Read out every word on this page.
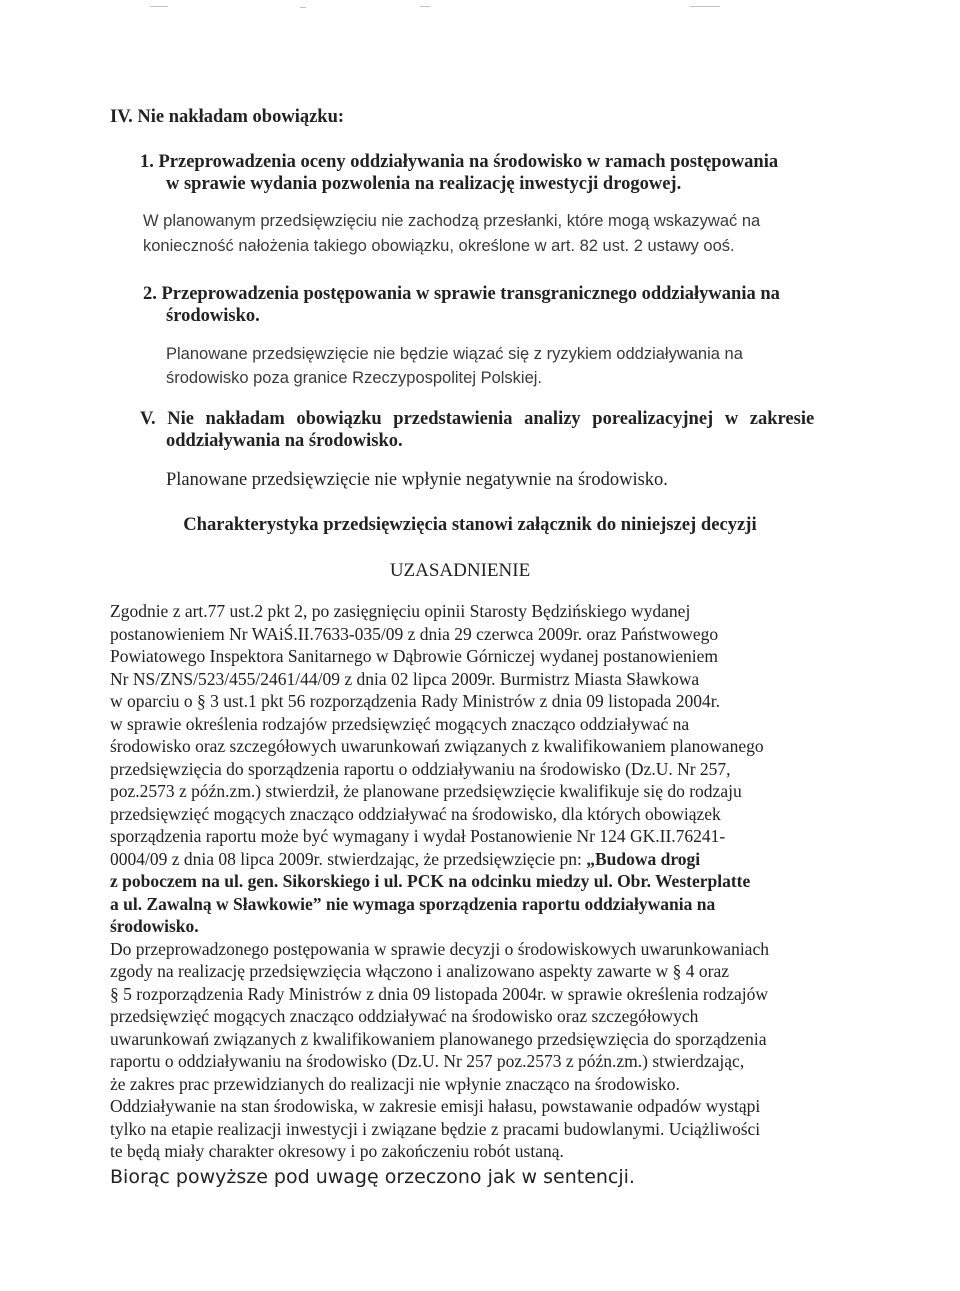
IV. Nie nakładam obowiązku:
1. Przeprowadzenia oceny oddziaływania na środowisko w ramach postępowania
w sprawie wydania pozwolenia na realizację inwestycji drogowej.
W planowanym przedsięwzięciu nie zachodzą przesłanki, które mogą wskazywać na
konieczność nałożenia takiego obowiązku, określone w art. 82 ust. 2 ustawy ooś.
2. Przeprowadzenia postępowania w sprawie transgranicznego oddziaływania na
środowisko.
Planowane przedsięwzięcie nie będzie wiązać się z ryzykiem oddziaływania na
środowisko poza granice Rzeczypospolitej Polskiej.
V. Nie nakładam obowiązku przedstawienia analizy porealizacyjnej w zakresie
oddziaływania na środowisko.
Planowane przedsięwzięcie nie wpłynie negatywnie na środowisko.
Charakterystyka przedsięwzięcia stanowi załącznik do niniejszej decyzji
UZASADNIENIE
Zgodnie z art.77 ust.2 pkt 2, po zasięgnięciu opinii Starosty Będzińskiego wydanej
postanowieniem Nr WAiŚ.II.7633-035/09 z dnia 29 czerwca 2009r. oraz Państwowego
Powiatowego Inspektora Sanitarnego w Dąbrowie Górniczej wydanej postanowieniem
Nr NS/ZNS/523/455/2461/44/09 z dnia 02 lipca 2009r. Burmistrz Miasta Sławkowa
w oparciu o § 3 ust.1 pkt 56 rozporządzenia Rady Ministrów z dnia 09 listopada 2004r.
w sprawie określenia rodzajów przedsięwzięć mogących znacząco oddziaływać na
środowisko oraz szczegółowych uwarunkowań związanych z kwalifikowaniem planowanego
przedsięwzięcia do sporządzenia raportu o oddziaływaniu na środowisko (Dz.U. Nr 257,
poz.2573 z późn.zm.) stwierdził, że planowane przedsięwzięcie kwalifikuje się do rodzaju
przedsięwzięć mogących znacząco oddziaływać na środowisko, dla których obowiązek
sporządzenia raportu może być wymagany i wydał Postanowienie Nr 124 GK.II.76241-
0004/09 z dnia 08 lipca 2009r. stwierdzając, że przedsięwzięcie pn: „Budowa drogi
z poboczem na ul. gen. Sikorskiego i ul. PCK na odcinku miedzy ul. Obr. Westerplatte
a ul. Zawalną w Sławkowie” nie wymaga sporządzenia raportu oddziaływania na
środowisko.
Do przeprowadzonego postępowania w sprawie decyzji o środowiskowych uwarunkowaniach
zgody na realizację przedsięwzięcia włączono i analizowano aspekty zawarte w § 4 oraz
§ 5 rozporządzenia Rady Ministrów z dnia 09 listopada 2004r. w sprawie określenia rodzajów
przedsięwzięć mogących znacząco oddziaływać na środowisko oraz szczegółowych
uwarunkowań związanych z kwalifikowaniem planowanego przedsięwzięcia do sporządzenia
raportu o oddziaływaniu na środowisko (Dz.U. Nr 257 poz.2573 z późn.zm.) stwierdzając,
że zakres prac przewidzianych do realizacji nie wpłynie znacząco na środowisko.
Oddziaływanie na stan środowiska, w zakresie emisji hałasu, powstawanie odpadów wystąpi
tylko na etapie realizacji inwestycji i związane będzie z pracami budowlanymi. Uciążliwości
te będą miały charakter okresowy i po zakończeniu robót ustaną.
Biorąc powyższe pod uwagę orzeczono jak w sentencji.
